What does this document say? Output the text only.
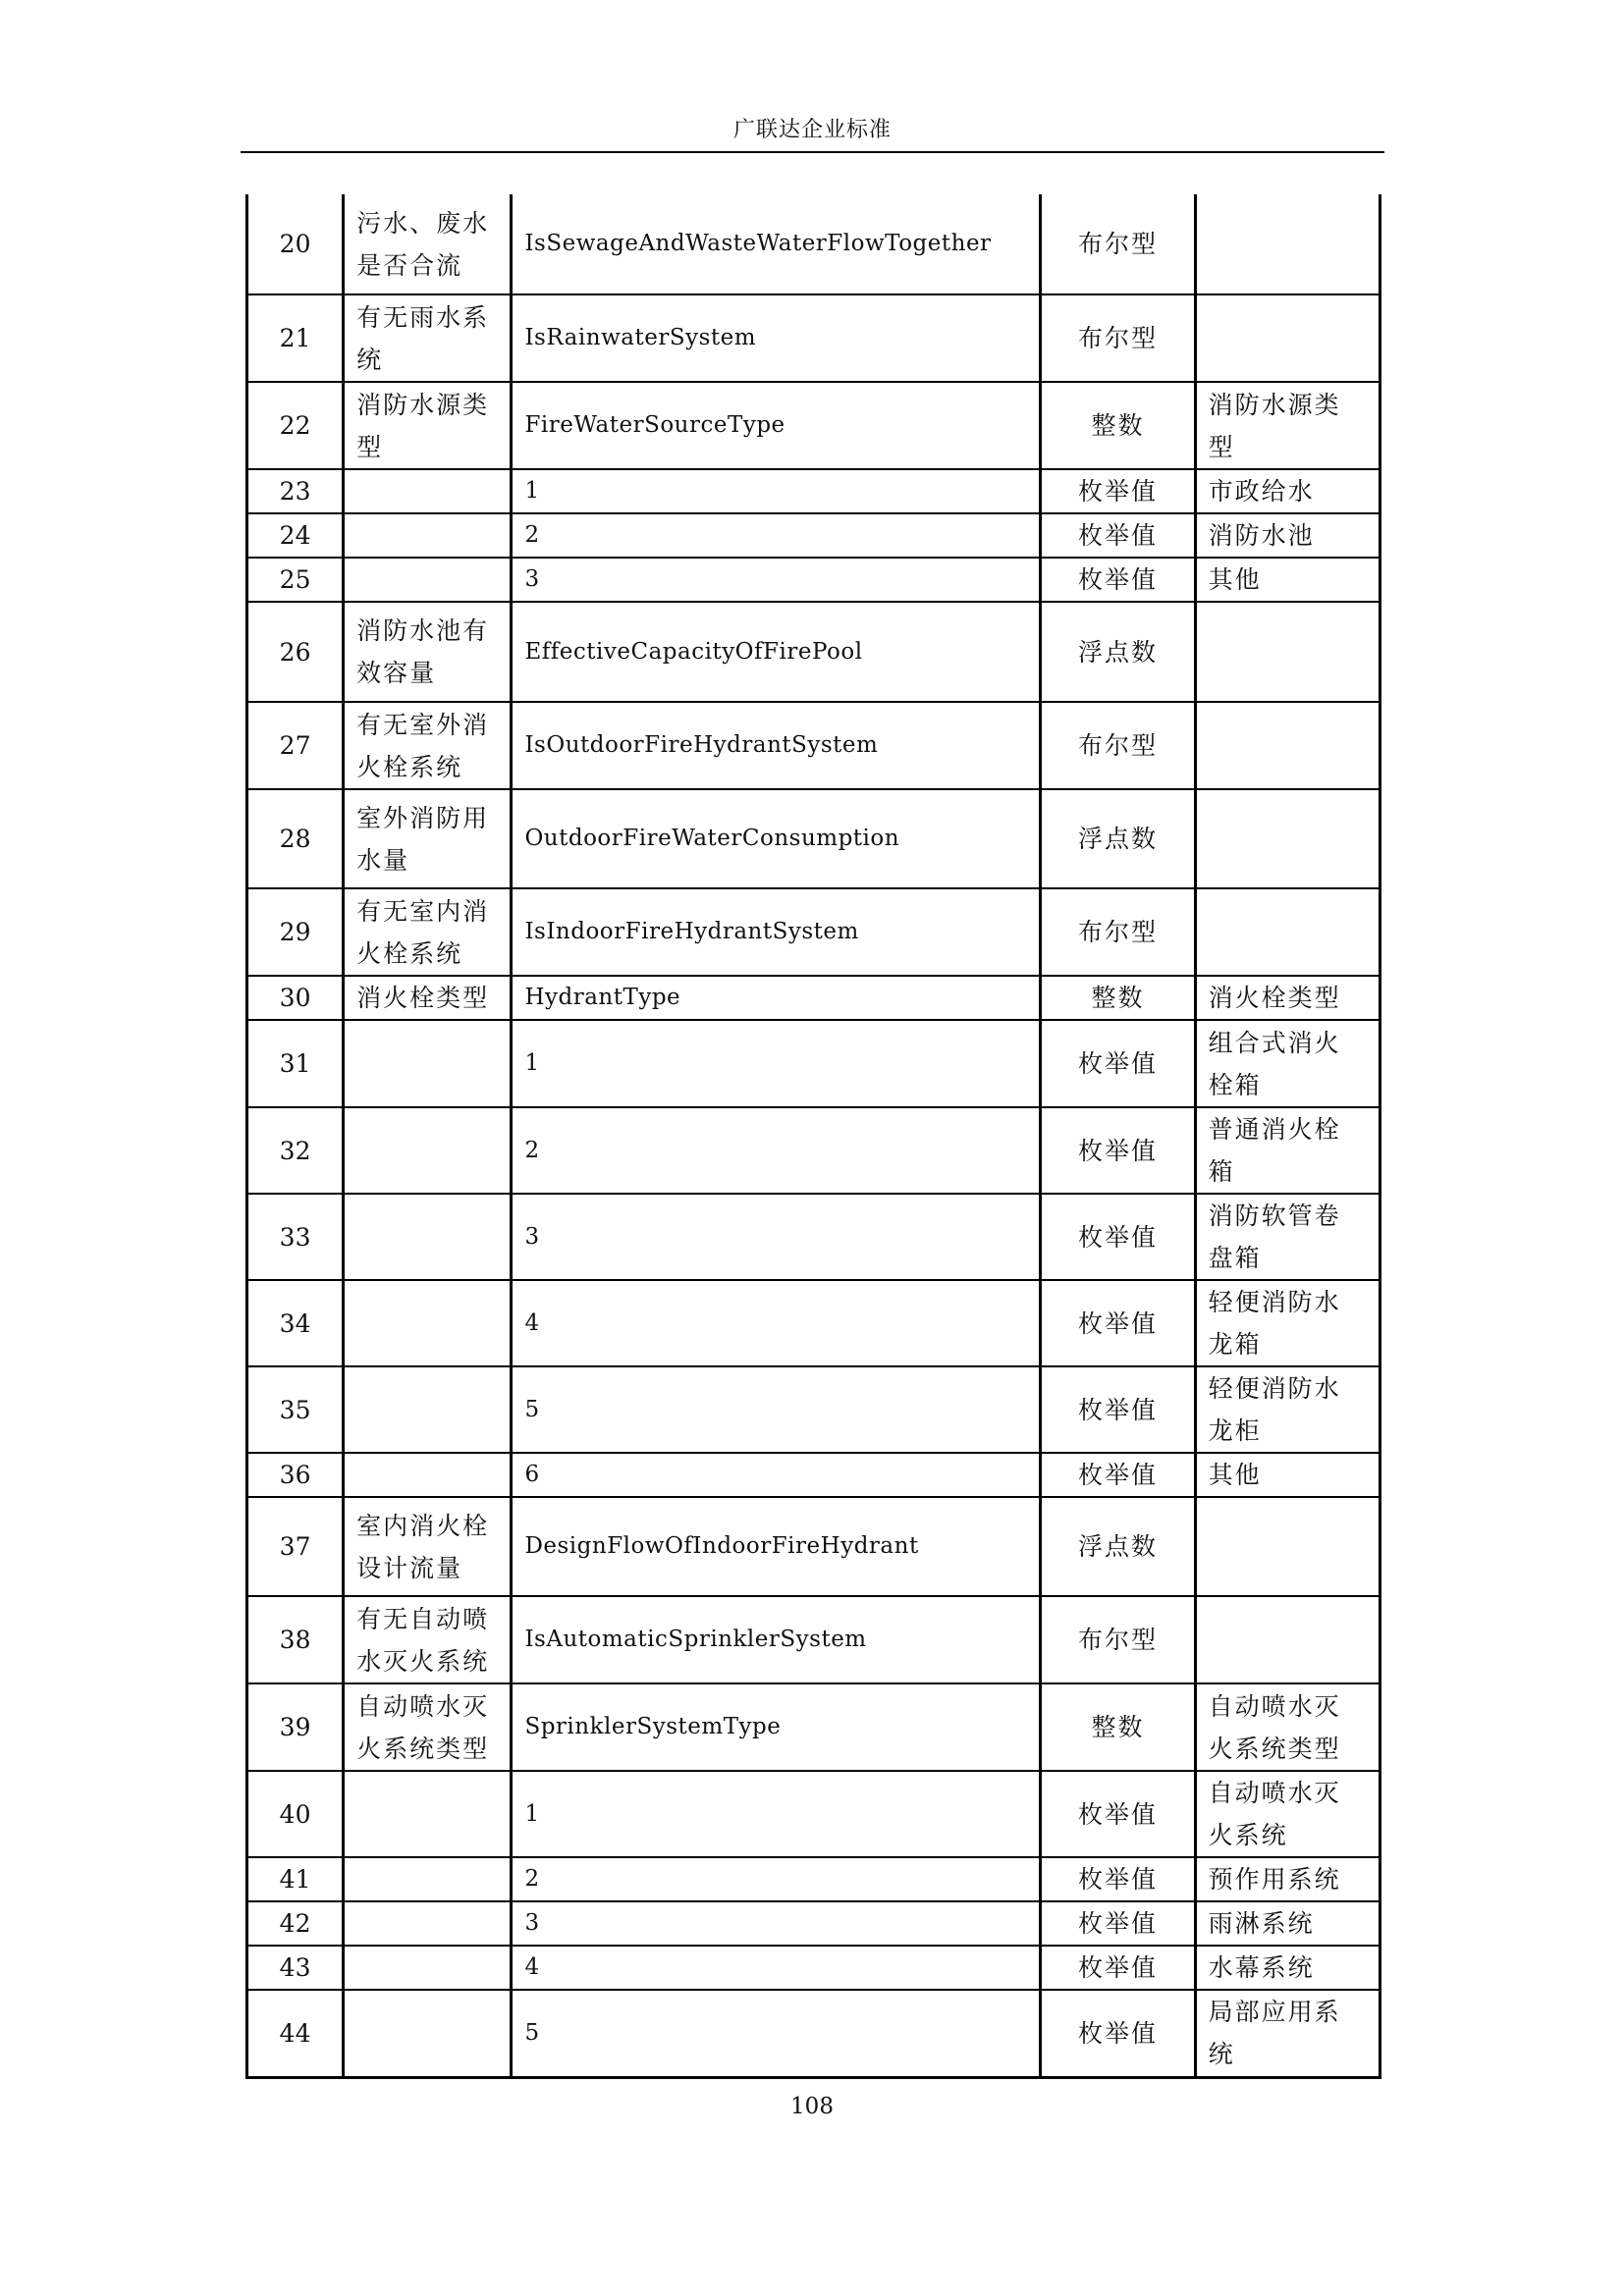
广联达企业标准
20	污水、废水是否合流	IsSewageAndWasteWaterFlowTogether	布尔型	
21	有无雨水系统	IsRainwaterSystem	布尔型	
22	消防水源类型	FireWaterSourceType	整数	消防水源类型
23		1	枚举值	市政给水
24		2	枚举值	消防水池
25		3	枚举值	其他
26	消防水池有效容量	EffectiveCapacityOfFirePool	浮点数	
27	有无室外消火栓系统	IsOutdoorFireHydrantSystem	布尔型	
28	室外消防用水量	OutdoorFireWaterConsumption	浮点数	
29	有无室内消火栓系统	IsIndoorFireHydrantSystem	布尔型	
30	消火栓类型	HydrantType	整数	消火栓类型
31		1	枚举值	组合式消火栓箱
32		2	枚举值	普通消火栓箱
33		3	枚举值	消防软管卷盘箱
34		4	枚举值	轻便消防水龙箱
35		5	枚举值	轻便消防水龙柜
36		6	枚举值	其他
37	室内消火栓设计流量	DesignFlowOfIndoorFireHydrant	浮点数	
38	有无自动喷水灭火系统	IsAutomaticSprinklerSystem	布尔型	
39	自动喷水灭火系统类型	SprinklerSystemType	整数	自动喷水灭火系统类型
40		1	枚举值	自动喷水灭火系统
41		2	枚举值	预作用系统
42		3	枚举值	雨淋系统
43		4	枚举值	水幕系统
44		5	枚举值	局部应用系统
108
